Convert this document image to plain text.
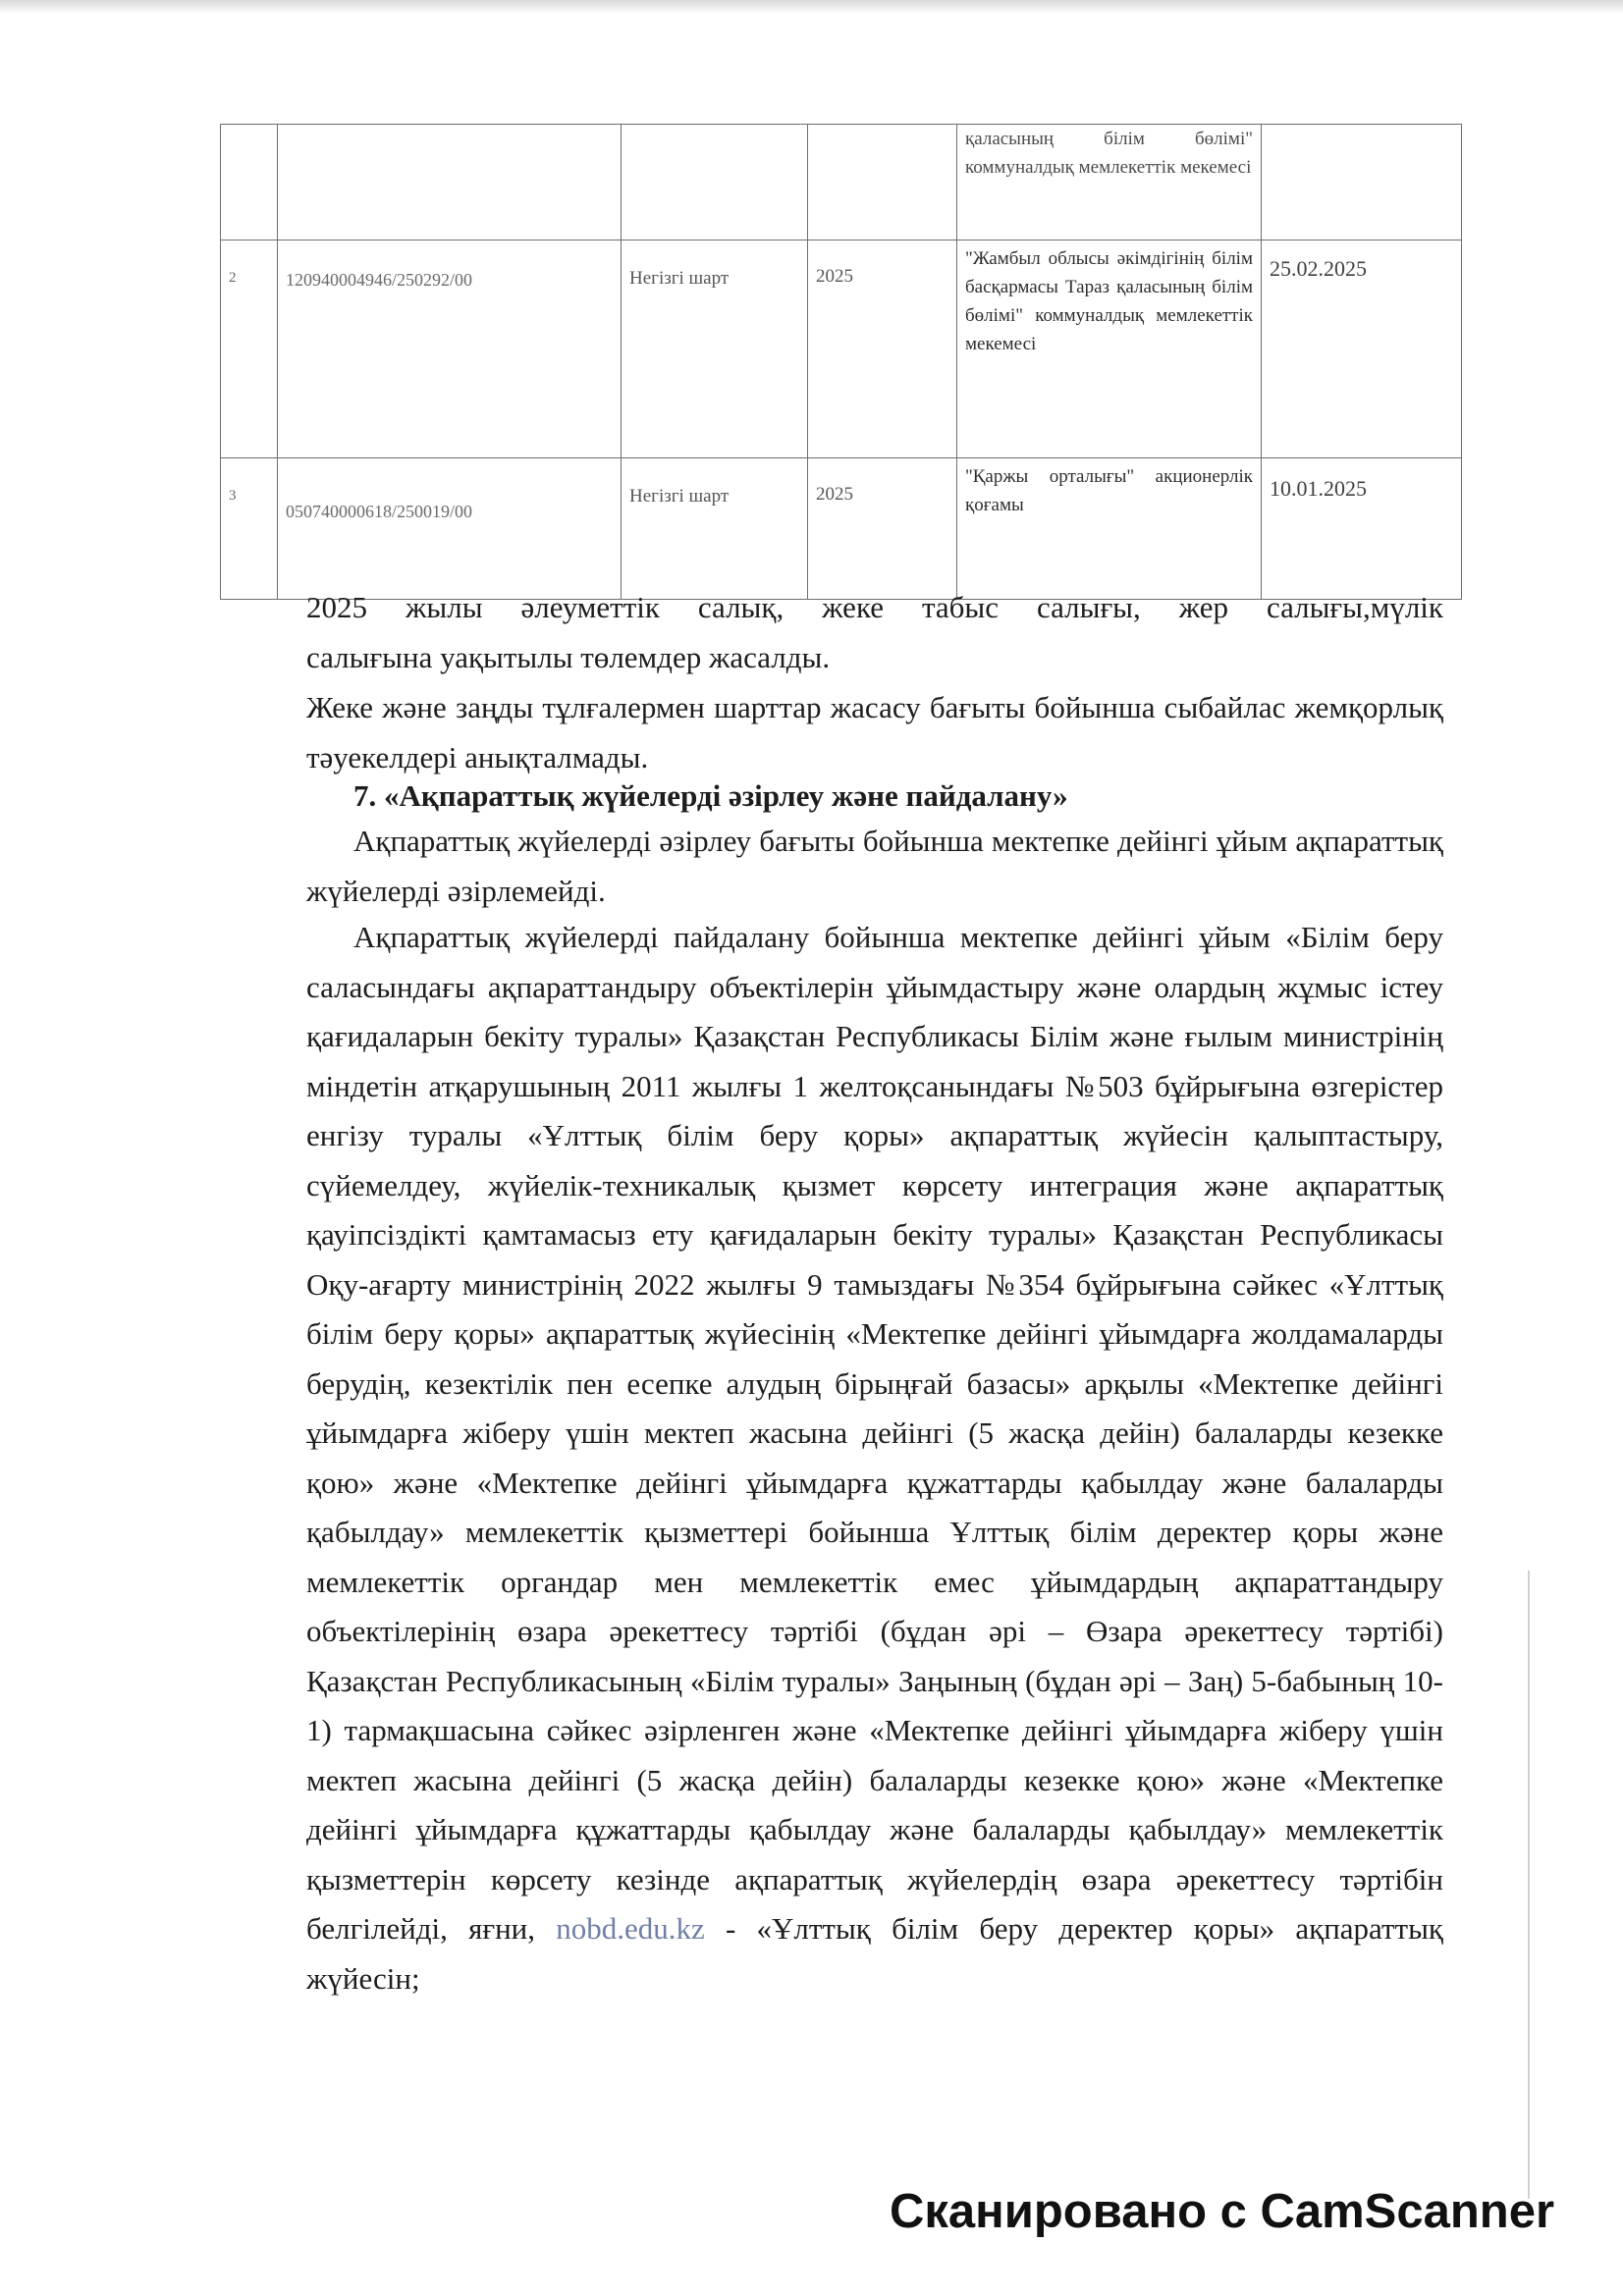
				қаласының білім бөлімі" коммуналдық мемлекеттік мекемесі	
2	120940004946/250292/00	Негізгі шарт	2025	"Жамбыл облысы әкімдігінің білім басқармасы Тараз қаласының білім бөлімі" коммуналдық мемлекеттік мекемесі	25.02.2025
3	050740000618/250019/00	Негізгі шарт	2025	"Қаржы орталығы" акционерлік қоғамы	10.01.2025
2025 жылы әлеуметтік салық, жеке табыс салығы, жер салығы,мүлік
салығына уақытылы төлемдер жасалды.
Жеке және заңды тұлғалермен шарттар жасасу бағыты бойынша сыбайлас жемқорлық тәуекелдері анықталмады.
7. «Ақпараттық жүйелерді әзірлеу және пайдалану»
Ақпараттық жүйелерді әзірлеу бағыты бойынша мектепке дейінгі ұйым ақпараттық жүйелерді әзірлемейді.
Ақпараттық жүйелерді пайдалану бойынша мектепке дейінгі ұйым «Білім беру саласындағы ақпараттандыру объектілерін ұйымдастыру және олардың жұмыс істеу қағидаларын бекіту туралы» Қазақстан Республикасы Білім және ғылым министрінің міндетін атқарушының 2011 жылғы 1 желтоқсанындағы №503 бұйрығына өзгерістер енгізу туралы «Ұлттық білім беру қоры» ақпараттық жүйесін қалыптастыру, сүйемелдеу, жүйелік-техникалық қызмет көрсету интеграция және ақпараттық қауіпсіздікті қамтамасыз ету қағидаларын бекіту туралы» Қазақстан Республикасы Оқу-ағарту министрінің 2022 жылғы 9 тамыздағы №354 бұйрығына сәйкес «Ұлттық білім беру қоры» ақпараттық жүйесінің «Мектепке дейінгі ұйымдарға жолдамаларды берудің, кезектілік пен есепке алудың бірыңғай базасы» арқылы «Мектепке дейінгі ұйымдарға жіберу үшін мектеп жасына дейінгі (5 жасқа дейін) балаларды кезекке қою» және «Мектепке дейінгі ұйымдарға құжаттарды қабылдау және балаларды қабылдау» мемлекеттік қызметтері бойынша Ұлттық білім деректер қоры және мемлекеттік органдар мен мемлекеттік емес ұйымдардың ақпараттандыру объектілерінің өзара әрекеттесу тәртібі (бұдан әрі – Өзара әрекеттесу тәртібі) Қазақстан Республикасының «Білім туралы» Заңының (бұдан әрі – Заң) 5-бабының 10-1) тармақшасына сәйкес әзірленген және «Мектепке дейінгі ұйымдарға жіберу үшін мектеп жасына дейінгі (5 жасқа дейін) балаларды кезекке қою» және «Мектепке дейінгі ұйымдарға құжаттарды қабылдау және балаларды қабылдау» мемлекеттік қызметтерін көрсету кезінде ақпараттық жүйелердің өзара әрекеттесу тәртібін белгілейді, яғни, nobd.edu.kz - «Ұлттық білім беру деректер қоры» ақпараттық жүйесін;
Сканировано с CamScanner
